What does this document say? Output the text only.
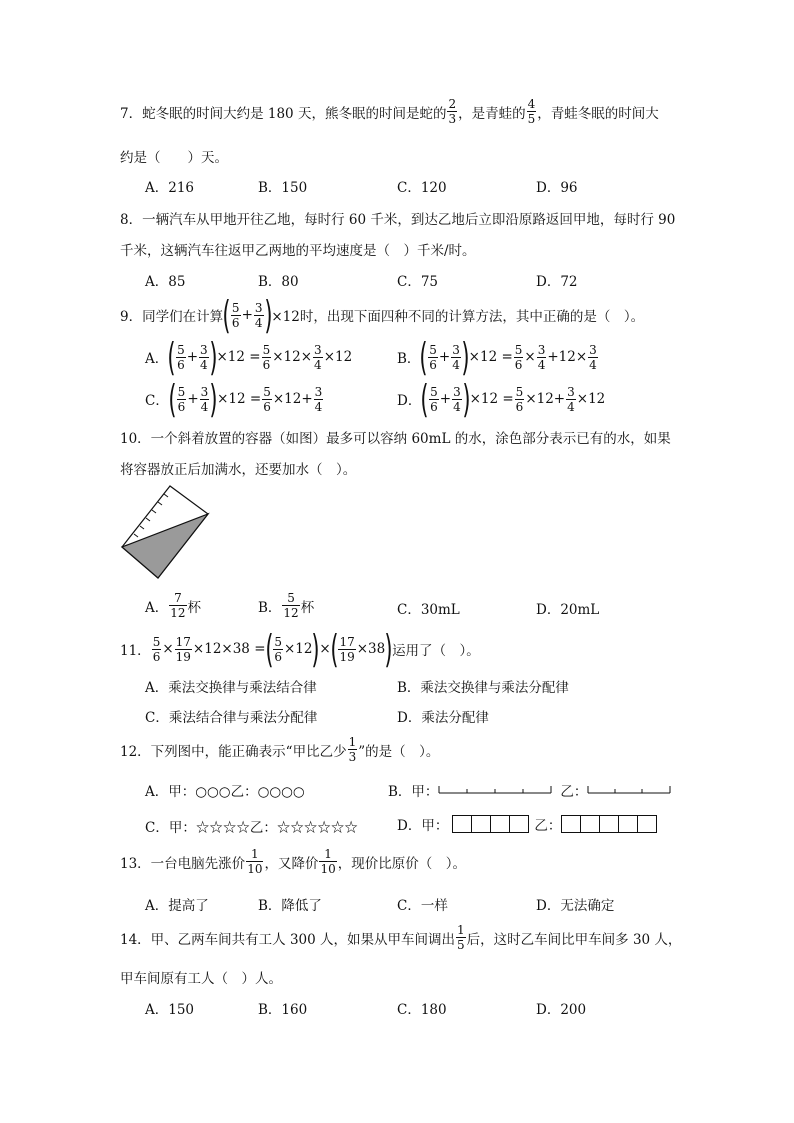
7．蛇冬眠的时间大约是 180 天，熊冬眠的时间是蛇的 $\frac{2}{3}$ ，是青蛙的 $\frac{4}{5}$ ，青蛙冬眠的时间大
约是（　　）天。
A．216	B．150	C．120	D．96
8．一辆汽车从甲地开往乙地，每时行 60 千米，到达乙地后立即沿原路返回甲地，每时行 90
千米，这辆汽车往返甲乙两地的平均速度是（　）千米/时。
A．85	B．80	C．75	D．72
9．同学们在计算 ( $\frac{5}{6} + \frac{3}{4}$ ) ×12时，出现下面四种不同的计算方法，其中正确的是（　）。
A． ( $\frac{5}{6} + \frac{3}{4}$ ) $\times 12 = \frac{5}{6} \times 12\times \frac{3}{4} \times 12$	B． ( $\frac{5}{6} + \frac{3}{4}$ ) $\times 12 = \frac{5}{6} \times \frac{3}{4} +12\times \frac{3}{4}$
C． ( $\frac{5}{6} + \frac{3}{4}$ ) $\times 12 = \frac{5}{6} \times 12+ \frac{3}{4}$	D． ( $\frac{5}{6} + \frac{3}{4}$ ) $\times 12 = \frac{5}{6} \times 12+ \frac{3}{4} \times 12$
10．一个斜着放置的容器（如图）最多可以容纳 60mL 的水，涂色部分表示已有的水，如果
将容器放正后加满水，还要加水（　）。
A． $\frac{7}{12}$ 杯	B． $\frac{5}{12}$ 杯	C．30mL	D．20mL
11． $\frac{5}{6} \times \frac{17}{19} \times 12\times 38$ = ( $\frac{5}{6} \times 12$ ) × ( $\frac{17}{19} \times 38$ ) 运用了（　）。
A．乘法交换律与乘法结合律	B．乘法交换律与乘法分配律
C．乘法结合律与乘法分配律	D．乘法分配律
12．下列图中，能正确表示“甲比乙少 $\frac{1}{3}$ ”的是（　）。
A．甲：○○○乙：○○○○	B．甲：	乙：
C．甲：☆☆☆☆乙：☆☆☆☆☆☆	D．甲：	乙：
13．一台电脑先涨价 $\frac{1}{10}$ ，又降价 $\frac{1}{10}$ ，现价比原价（　）。
A．提高了	B．降低了	C．一样	D．无法确定
14．甲、乙两车间共有工人 300 人，如果从甲车间调出 $\frac{1}{5}$ 后，这时乙车间比甲车间多 30 人，
甲车间原有工人（　）人。
A．150	B．160	C．180	D．200
